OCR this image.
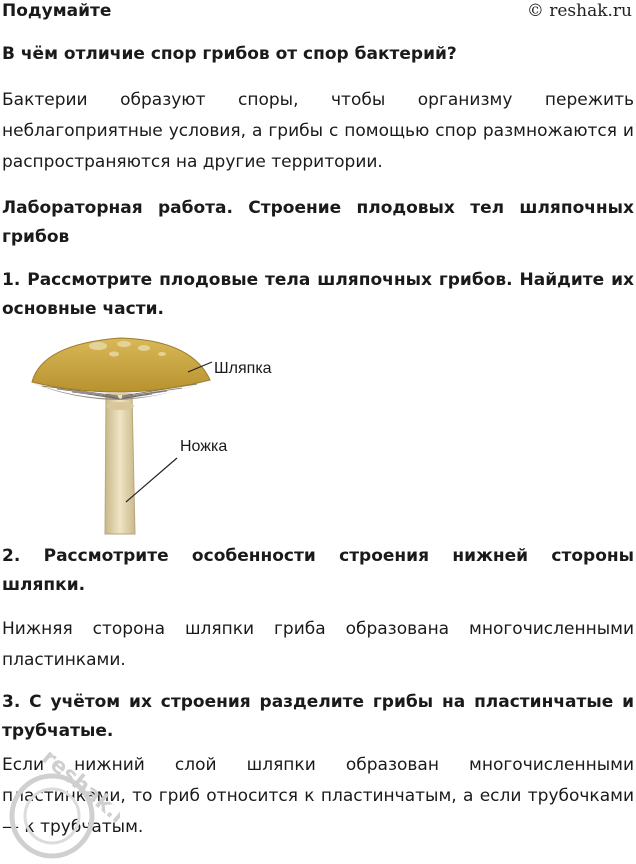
Подумайте	© reshak.ru
В чём отличие спор грибов от спор бактерий?

Бактерии образуют споры, чтобы организму пережить неблагоприятные условия, а грибы с помощью спор размножаются и распространяются на другие территории.

Лабораторная работа. Строение плодовых тел шляпочных грибов
1. Рассмотрите плодовые тела шляпочных грибов. Найдите их основные части.
Шляпка
Ножка
2. Рассмотрите особенности строения нижней стороны шляпки.

Нижняя сторона шляпки гриба образована многочисленными пластинками.

3. С учётом их строения разделите грибы на пластинчатые и трубчатые.

Если нижний слой шляпки образован многочисленными пластинками, то гриб относится к пластинчатым, а если трубочками — к трубчатым.

reshak.ru
